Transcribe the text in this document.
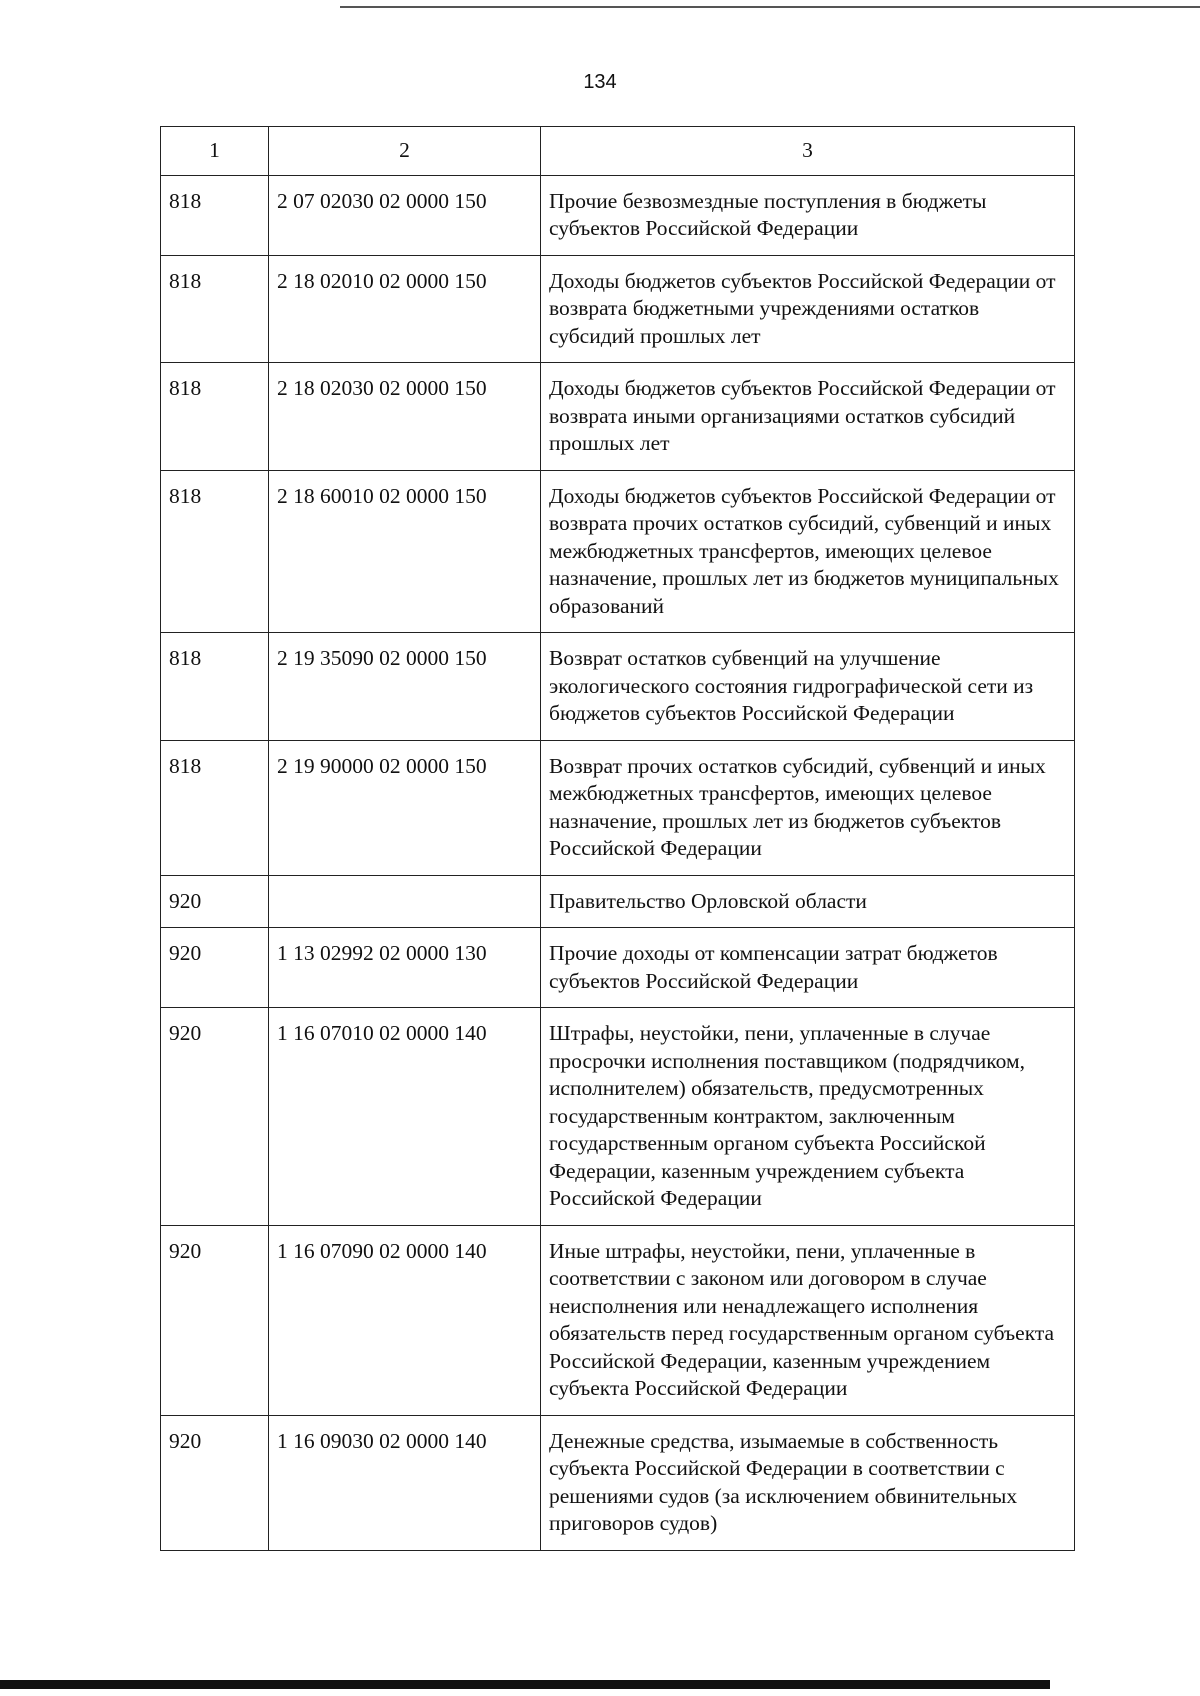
134
1	2	3
818	2 07 02030 02 0000 150	Прочие безвозмездные поступления в бюджеты субъектов Российской Федерации
818	2 18 02010 02 0000 150	Доходы бюджетов субъектов Российской Федерации от возврата бюджетными учреждениями остатков субсидий прошлых лет
818	2 18 02030 02 0000 150	Доходы бюджетов субъектов Российской Федерации от возврата иными организациями остатков субсидий прошлых лет
818	2 18 60010 02 0000 150	Доходы бюджетов субъектов Российской Федерации от возврата прочих остатков субсидий, субвенций и иных межбюджетных трансфертов, имеющих целевое назначение, прошлых лет из бюджетов муниципальных образований
818	2 19 35090 02 0000 150	Возврат остатков субвенций на улучшение экологического состояния гидрографической сети из бюджетов субъектов Российской Федерации
818	2 19 90000 02 0000 150	Возврат прочих остатков субсидий, субвенций и иных межбюджетных трансфертов, имеющих целевое назначение, прошлых лет из бюджетов субъектов Российской Федерации
920		Правительство Орловской области
920	1 13 02992 02 0000 130	Прочие доходы от компенсации затрат бюджетов субъектов Российской Федерации
920	1 16 07010 02 0000 140	Штрафы, неустойки, пени, уплаченные в случае просрочки исполнения поставщиком (подрядчиком, исполнителем) обязательств, предусмотренных государственным контрактом, заключенным государственным органом субъекта Российской Федерации, казенным учреждением субъекта Российской Федерации
920	1 16 07090 02 0000 140	Иные штрафы, неустойки, пени, уплаченные в соответствии с законом или договором в случае неисполнения или ненадлежащего исполнения обязательств перед государственным органом субъекта Российской Федерации, казенным учреждением субъекта Российской Федерации
920	1 16 09030 02 0000 140	Денежные средства, изымаемые в собственность субъекта Российской Федерации в соответствии с решениями судов (за исключением обвинительных приговоров судов)
